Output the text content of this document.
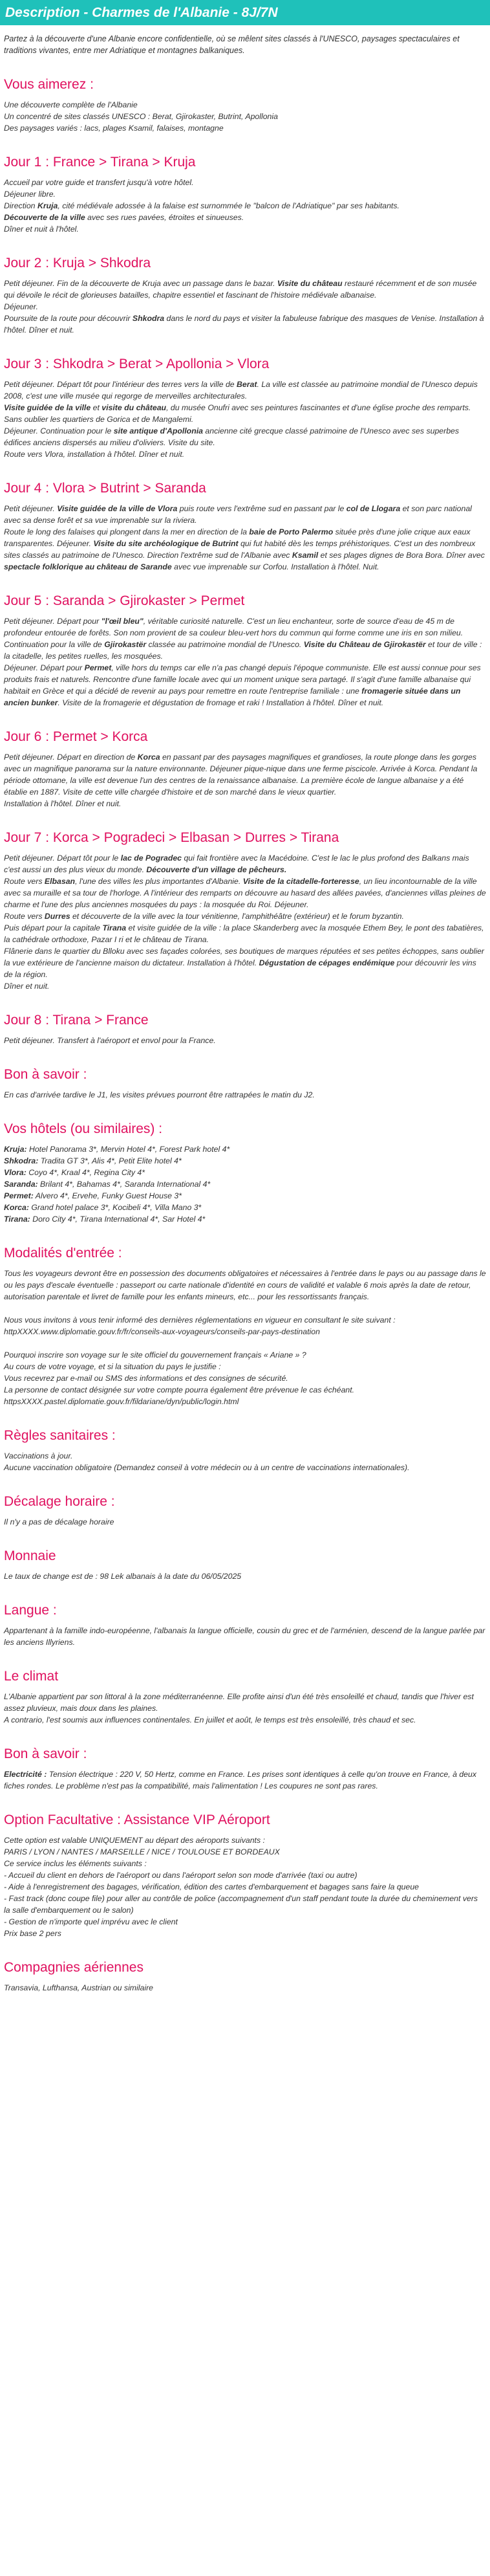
Description - Charmes de l'Albanie - 8J/7N
Partez à la découverte d'une Albanie encore confidentielle, où se mêlent sites classés à l'UNESCO, paysages spectaculaires et traditions vivantes, entre mer Adriatique et montagnes balkaniques.
Vous aimerez :
Une découverte complète de l'Albanie
Un concentré de sites classés UNESCO : Berat, Gjirokaster, Butrint, Apollonia
Des paysages variés : lacs, plages Ksamil, falaises, montagne
Jour 1 : France > Tirana > Kruja
Accueil par votre guide et transfert jusqu'à votre hôtel.
Déjeuner libre.
Direction Kruja, cité médiévale adossée à la falaise est surnommée le "balcon de l'Adriatique" par ses habitants.
Découverte de la ville avec ses rues pavées, étroites et sinueuses.
Dîner et nuit à l'hôtel.
Jour 2 : Kruja > Shkodra
Petit déjeuner. Fin de la découverte de Kruja avec un passage dans le bazar. Visite du château restauré récemment et de son musée qui dévoile le récit de glorieuses batailles, chapitre essentiel et fascinant de l'histoire médiévale albanaise.
Déjeuner.
Poursuite de la route pour découvrir Shkodra dans le nord du pays et visiter la fabuleuse fabrique des masques de Venise. Installation à l'hôtel. Dîner et nuit.
Jour 3 : Shkodra > Berat > Apollonia > Vlora
Petit déjeuner. Départ tôt pour l'intérieur des terres vers la ville de Berat. La ville est classée au patrimoine mondial de l'Unesco depuis 2008, c'est une ville musée qui regorge de merveilles architecturales.
Visite guidée de la ville et visite du château, du musée Onufri avec ses peintures fascinantes et d'une église proche des remparts. Sans oublier les quartiers de Gorica et de Mangalemi.
Déjeuner. Continuation pour le site antique d'Apollonia ancienne cité grecque classé patrimoine de l'Unesco avec ses superbes édifices anciens dispersés au milieu d'oliviers. Visite du site.
Route vers Vlora, installation à l'hôtel. Dîner et nuit.
Jour 4 : Vlora > Butrint > Saranda
Petit déjeuner. Visite guidée de la ville de Vlora puis route vers l'extrême sud en passant par le col de Llogara et son parc national avec sa dense forêt et sa vue imprenable sur la riviera.
Route le long des falaises qui plongent dans la mer en direction de la baie de Porto Palermo située près d'une jolie crique aux eaux transparentes. Déjeuner. Visite du site archéologique de Butrint qui fut habité dès les temps préhistoriques. C'est un des nombreux sites classés au patrimoine de l'Unesco. Direction l'extrême sud de l'Albanie avec Ksamil et ses plages dignes de Bora Bora. Dîner avec spectacle folklorique au château de Sarande avec vue imprenable sur Corfou. Installation à l'hôtel. Nuit.
Jour 5 : Saranda > Gjirokaster > Permet
Petit déjeuner. Départ pour "l'œil bleu", véritable curiosité naturelle. C'est un lieu enchanteur, sorte de source d'eau de 45 m de profondeur entourée de forêts. Son nom provient de sa couleur bleu-vert hors du commun qui forme comme une iris en son milieu.
Continuation pour la ville de Gjirokastër classée au patrimoine mondial de l'Unesco. Visite du Château de Gjirokastër et tour de ville : la citadelle, les petites ruelles, les mosquées.
Déjeuner. Départ pour Permet, ville hors du temps car elle n'a pas changé depuis l'époque communiste. Elle est aussi connue pour ses produits frais et naturels. Rencontre d'une famille locale avec qui un moment unique sera partagé. Il s'agit d'une famille albanaise qui habitait en Grèce et qui a décidé de revenir au pays pour remettre en route l'entreprise familiale : une fromagerie située dans un ancien bunker. Visite de la fromagerie et dégustation de fromage et raki ! Installation à l'hôtel. Dîner et nuit.
Jour 6 : Permet > Korca
Petit déjeuner. Départ en direction de Korca en passant par des paysages magnifiques et grandioses, la route plonge dans les gorges avec un magnifique panorama sur la nature environnante. Déjeuner pique-nique dans une ferme piscicole. Arrivée à Korca. Pendant la période ottomane, la ville est devenue l'un des centres de la renaissance albanaise. La première école de langue albanaise y a été établie en 1887. Visite de cette ville chargée d'histoire et de son marché dans le vieux quartier.
Installation à l'hôtel. Dîner et nuit.
Jour 7 : Korca > Pogradeci > Elbasan > Durres > Tirana
Petit déjeuner. Départ tôt pour le lac de Pogradec qui fait frontière avec la Macédoine. C'est le lac le plus profond des Balkans mais c'est aussi un des plus vieux du monde. Découverte d'un village de pêcheurs.
Route vers Elbasan, l'une des villes les plus importantes d'Albanie. Visite de la citadelle-forteresse, un lieu incontournable de la ville avec sa muraille et sa tour de l'horloge. A l'intérieur des remparts on découvre au hasard des allées pavées, d'anciennes villas pleines de charme et l'une des plus anciennes mosquées du pays : la mosquée du Roi. Déjeuner.
Route vers Durres et découverte de la ville avec la tour vénitienne, l'amphithéâtre (extérieur) et le forum byzantin.
Puis départ pour la capitale Tirana et visite guidée de la ville : la place Skanderberg avec la mosquée Ethem Bey, le pont des tabatières, la cathédrale orthodoxe, Pazar I ri et le château de Tirana.
Flânerie dans le quartier du Blloku avec ses façades colorées, ses boutiques de marques réputées et ses petites échoppes, sans oublier la vue extérieure de l'ancienne maison du dictateur. Installation à l'hôtel. Dégustation de cépages endémique pour découvrir les vins de la région.
Dîner et nuit.
Jour 8 : Tirana > France
Petit déjeuner. Transfert à l'aéroport et envol pour la France.
Bon à savoir :
En cas d'arrivée tardive le J1, les visites prévues pourront être rattrapées le matin du J2.
Vos hôtels (ou similaires) :
Kruja: Hotel Panorama 3*, Mervin Hotel 4*, Forest Park hotel 4*
Shkodra: Tradita GT 3*, Alis 4*, Petit Elite hotel 4*
Vlora: Coyo 4*, Kraal 4*, Regina City 4*
Saranda: Brilant 4*, Bahamas 4*, Saranda International 4*
Permet: Alvero 4*, Ervehe, Funky Guest House 3*
Korca: Grand hotel palace 3*, Kocibeli 4*, Villa Mano 3*
Tirana: Doro City 4*, Tirana International 4*, Sar Hotel 4*
Modalités d'entrée :
Tous les voyageurs devront être en possession des documents obligatoires et nécessaires à l'entrée dans le pays ou au passage dans le ou les pays d'escale éventuelle : passeport ou carte nationale d'identité en cours de validité et valable 6 mois après la date de retour, autorisation parentale et livret de famille pour les enfants mineurs, etc... pour les ressortissants français.
Nous vous invitons à vous tenir informé des dernières réglementations en vigueur en consultant le site suivant : httpXXXX.www.diplomatie.gouv.fr/fr/conseils-aux-voyageurs/conseils-par-pays-destination
Pourquoi inscrire son voyage sur le site officiel du gouvernement français « Ariane » ?
Au cours de votre voyage, et si la situation du pays le justifie :
Vous recevrez par e-mail ou SMS des informations et des consignes de sécurité.
La personne de contact désignée sur votre compte pourra également être prévenue le cas échéant.
httpsXXXX.pastel.diplomatie.gouv.fr/fildariane/dyn/public/login.html
Règles sanitaires :
Vaccinations à jour.
Aucune vaccination obligatoire (Demandez conseil à votre médecin ou à un centre de vaccinations internationales).
Décalage horaire :
Il n'y a pas de décalage horaire
Monnaie
Le taux de change est de : 98 Lek albanais à la date du 06/05/2025
Langue :
Appartenant à la famille indo-européenne, l'albanais la langue officielle, cousin du grec et de l'arménien, descend de la langue parlée par les anciens Illyriens.
Le climat
L'Albanie appartient par son littoral à la zone méditerranéenne. Elle profite ainsi d'un été très ensoleillé et chaud, tandis que l'hiver est assez pluvieux, mais doux dans les plaines.
A contrario, l'est soumis aux influences continentales. En juillet et août, le temps est très ensoleillé, très chaud et sec.
Bon à savoir :
Electricité : Tension électrique : 220 V, 50 Hertz, comme en France. Les prises sont identiques à celle qu'on trouve en France, à deux fiches rondes. Le problème n'est pas la compatibilité, mais l'alimentation ! Les coupures ne sont pas rares.
Option Facultative : Assistance VIP Aéroport
Cette option est valable UNIQUEMENT au départ des aéroports suivants :
PARIS / LYON / NANTES / MARSEILLE / NICE / TOULOUSE ET BORDEAUX
Ce service inclus les éléments suivants :
- Accueil du client en dehors de l'aéroport ou dans l'aéroport selon son mode d'arrivée (taxi ou autre)
- Aide à l'enregistrement des bagages, vérification, édition des cartes d'embarquement et bagages sans faire la queue
- Fast track (donc coupe file) pour aller au contrôle de police (accompagnement d'un staff pendant toute la durée du cheminement vers la salle d'embarquement ou le salon)
- Gestion de n'importe quel imprévu avec le client
Prix base 2 pers
Compagnies aériennes
Transavia, Lufthansa, Austrian ou similaire
